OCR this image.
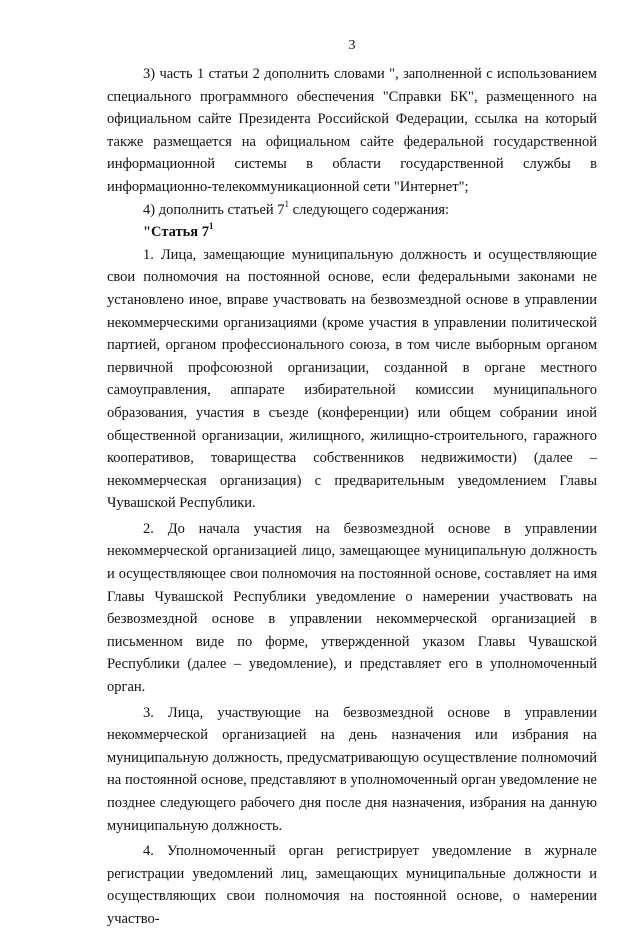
3

3) часть 1 статьи 2 дополнить словами ", заполненной с использованием специального программного обеспечения "Справки БК", размещенного на официальном сайте Президента Российской Федерации, ссылка на который также размещается на официальном сайте федеральной государственной информационной системы в области государственной службы в информационно-телекоммуникационной сети "Интернет";

4) дополнить статьей $7^1$ следующего содержания:

"Статья $7^1$

1. Лица, замещающие муниципальную должность и осуществляющие свои полномочия на постоянной основе, если федеральными законами не установлено иное, вправе участвовать на безвозмездной основе в управлении некоммерческими организациями (кроме участия в управлении политической партией, органом профессионального союза, в том числе выборным органом первичной профсоюзной организации, созданной в органе местного самоуправления, аппарате избирательной комиссии муниципального образования, участия в съезде (конференции) или общем собрании иной общественной организации, жилищного, жилищно-строительного, гаражного кооперативов, товарищества собственников недвижимости) (далее – некоммерческая организация) с предварительным уведомлением Главы Чувашской Республики.

2. До начала участия на безвозмездной основе в управлении некоммерческой организацией лицо, замещающее муниципальную должность и осуществляющее свои полномочия на постоянной основе, составляет на имя Главы Чувашской Республики уведомление о намерении участвовать на безвозмездной основе в управлении некоммерческой организацией в письменном виде по форме, утвержденной указом Главы Чувашской Республики (далее – уведомление), и представляет его в уполномоченный орган.

3. Лица, участвующие на безвозмездной основе в управлении некоммерческой организацией на день назначения или избрания на муниципальную должность, предусматривающую осуществление полномочий на постоянной основе, представляют в уполномоченный орган уведомление не позднее следующего рабочего дня после дня назначения, избрания на данную муниципальную должность.

4. Уполномоченный орган регистрирует уведомление в журнале регистрации уведомлений лиц, замещающих муниципальные должности и осуществляющих свои полномочия на постоянной основе, о намерении участво-
